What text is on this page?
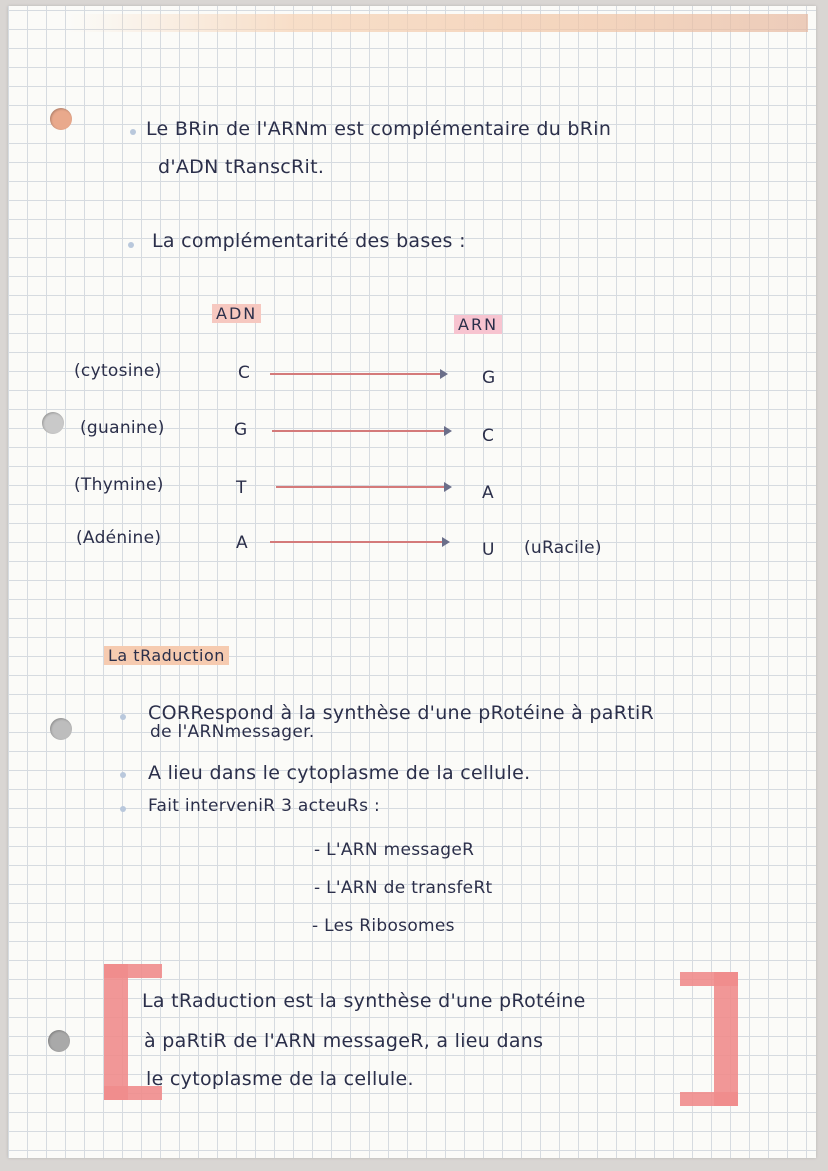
Le BRin de l'ARNm est complémentaire du bRin
d'ADN tRanscRit.
La complémentarité des bases :
ADN
ARN
(cytosine)	C	G
(guanine)	G	C
(Thymine)	T	A
(Adénine)	A	U (uRacile)
La tRaduction
CORRespond à la synthèse d'une pRotéine à paRtiR
de l'ARNmessager.
A lieu dans le cytoplasme de la cellule.
Fait interveniR 3 acteuRs :
- L'ARN messageR
- L'ARN de transfeRt
- Les Ribosomes
La tRaduction est la synthèse d'une pRotéine
à paRtiR de l'ARN messageR, a lieu dans
le cytoplasme de la cellule.
